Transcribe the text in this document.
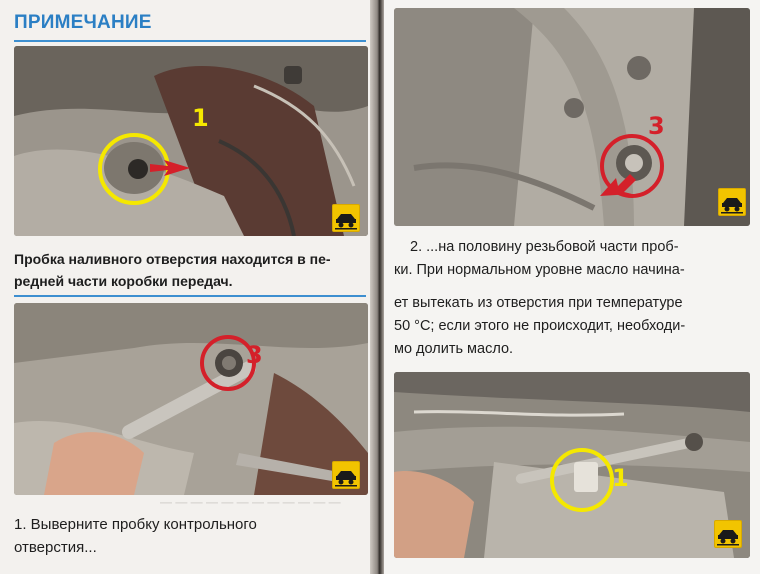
ПРИМЕЧАНИЕ
1
Пробка наливного отверстия находится в пе-
редней части коробки передач.
3
— — — — — — — — — — — —
1. Выверните пробку контрольного
отверстия...
3
2. ...на половину резьбовой части проб-
ки. При нормальном уровне масло начина-
ет вытекать из отверстия при температуре
50 °С; если этого не происходит, необходи-
мо долить масло.
1
